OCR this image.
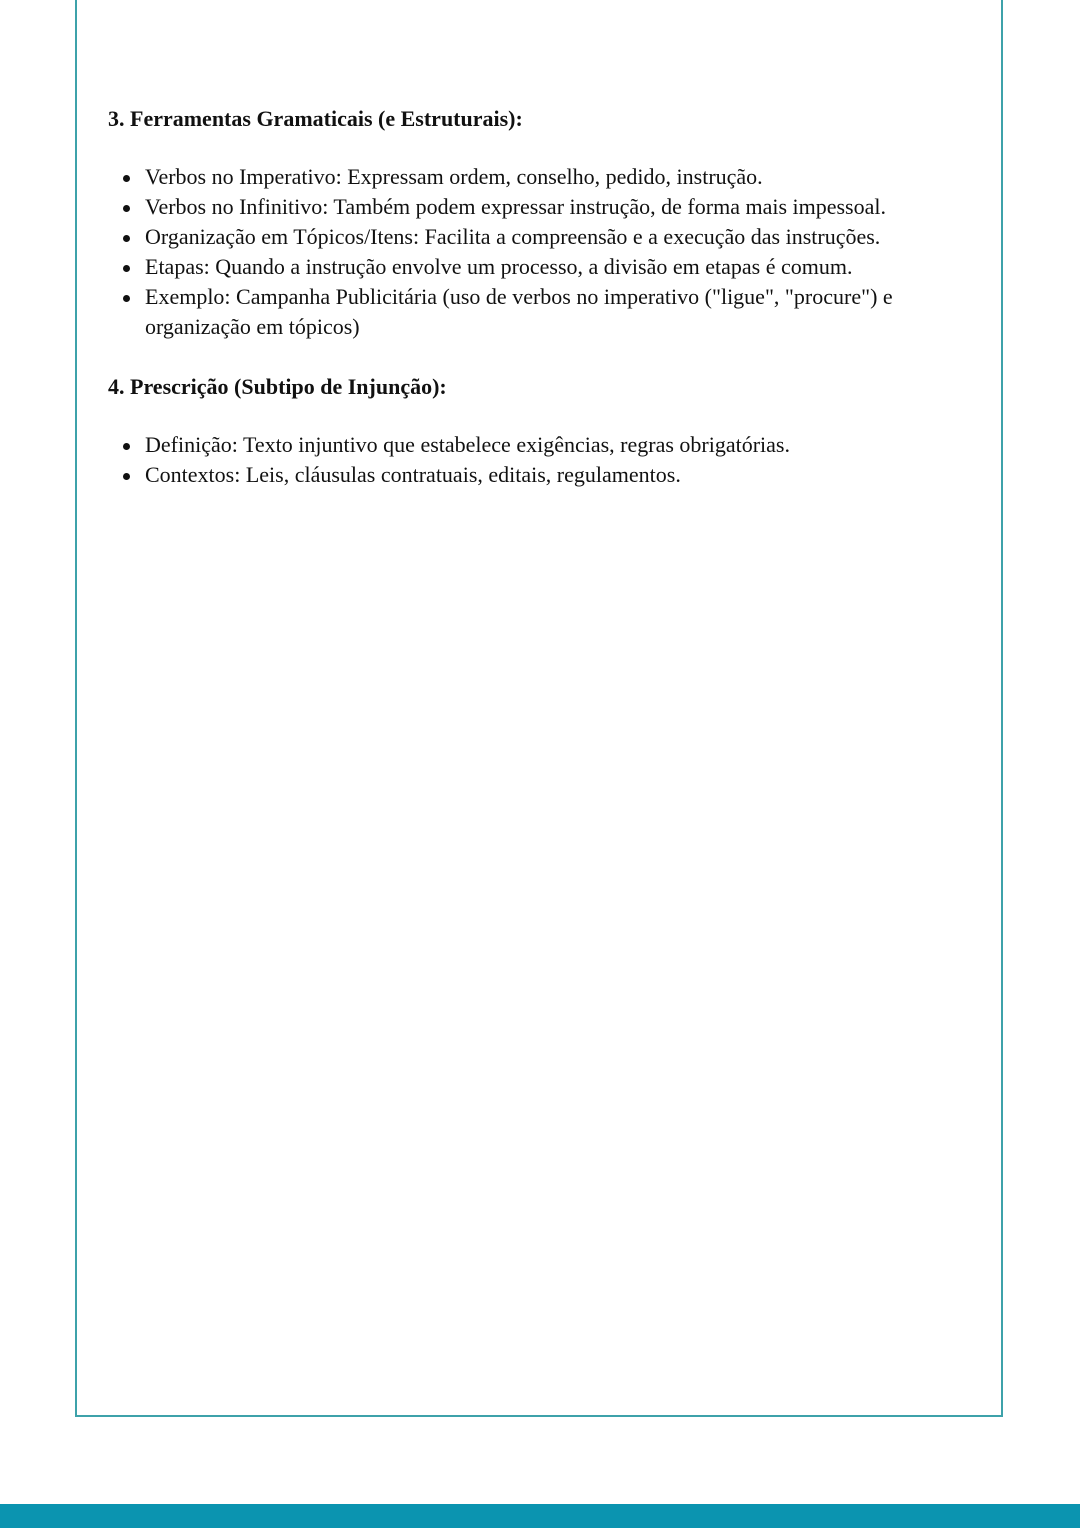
3. Ferramentas Gramaticais (e Estruturais):
Verbos no Imperativo: Expressam ordem, conselho, pedido, instrução.
Verbos no Infinitivo: Também podem expressar instrução, de forma mais impessoal.
Organização em Tópicos/Itens: Facilita a compreensão e a execução das instruções.
Etapas: Quando a instrução envolve um processo, a divisão em etapas é comum.
Exemplo: Campanha Publicitária (uso de verbos no imperativo ("ligue", "procure") e organização em tópicos)
4. Prescrição (Subtipo de Injunção):
Definição: Texto injuntivo que estabelece exigências, regras obrigatórias.
Contextos: Leis, cláusulas contratuais, editais, regulamentos.
